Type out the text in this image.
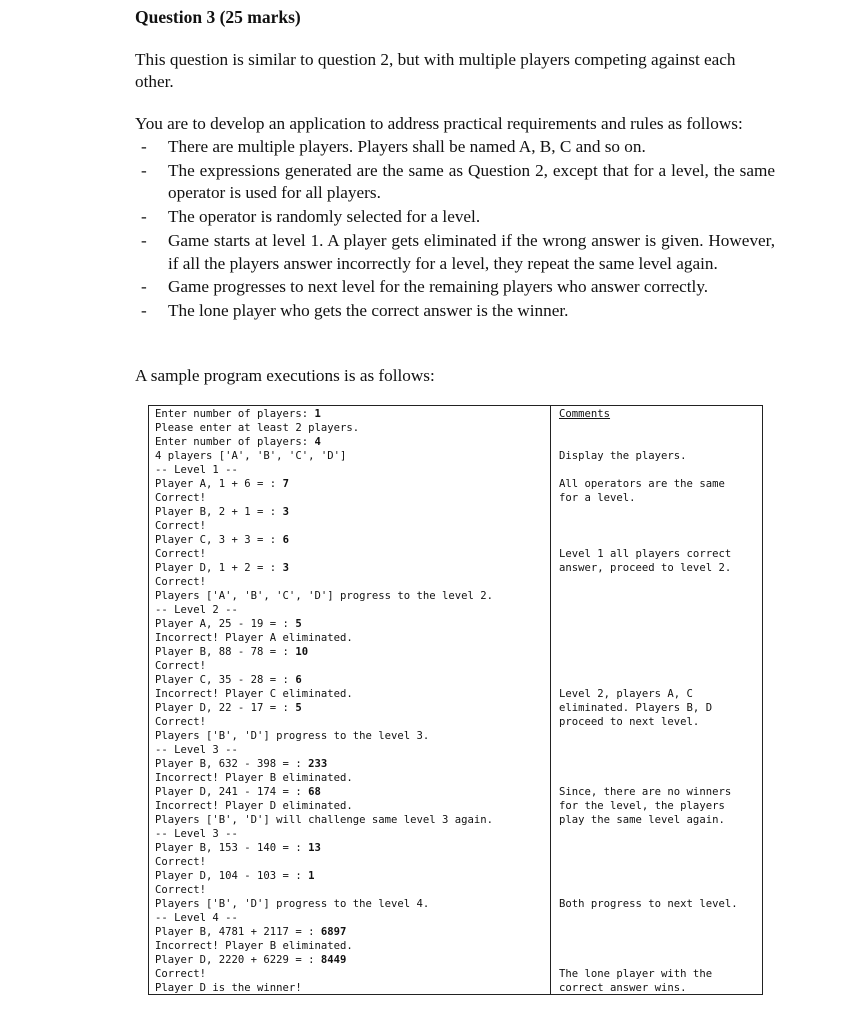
Question 3 (25 marks)
This question is similar to question 2, but with multiple players competing against each other.
You are to develop an application to address practical requirements and rules as follows:
- There are multiple players. Players shall be named A, B, C and so on.
- The expressions generated are the same as Question 2, except that for a level, the same operator is used for all players.
- The operator is randomly selected for a level.
- Game starts at level 1. A player gets eliminated if the wrong answer is given. However, if all the players answer incorrectly for a level, they repeat the same level again.
- Game progresses to next level for the remaining players who answer correctly.
- The lone player who gets the correct answer is the winner.
A sample program executions is as follows:
Enter number of players: 1
Please enter at least 2 players.
Enter number of players: 4
4 players ['A', 'B', 'C', 'D']
-- Level 1 --
Player A, 1 + 6 = : 7
Correct!
Player B, 2 + 1 = : 3
Correct!
Player C, 3 + 3 = : 6
Correct!
Player D, 1 + 2 = : 3
Correct!
Players ['A', 'B', 'C', 'D'] progress to the level 2.
-- Level 2 --
Player A, 25 - 19 = : 5
Incorrect! Player A eliminated.
Player B, 88 - 78 = : 10
Correct!
Player C, 35 - 28 = : 6
Incorrect! Player C eliminated.
Player D, 22 - 17 = : 5
Correct!
Players ['B', 'D'] progress to the level 3.
-- Level 3 --
Player B, 632 - 398 = : 233
Incorrect! Player B eliminated.
Player D, 241 - 174 = : 68
Incorrect! Player D eliminated.
Players ['B', 'D'] will challenge same level 3 again.
-- Level 3 --
Player B, 153 - 140 = : 13
Correct!
Player D, 104 - 103 = : 1
Correct!
Players ['B', 'D'] progress to the level 4.
-- Level 4 --
Player B, 4781 + 2117 = : 6897
Incorrect! Player B eliminated.
Player D, 2220 + 6229 = : 8449
Correct!
Player D is the winner!
Comments
Display the players.
All operators are the same
for a level.
Level 1 all players correct
answer, proceed to level 2.
Level 2, players A, C
eliminated. Players B, D
proceed to next level.
Since, there are no winners
for the level, the players
play the same level again.
Both progress to next level.
The lone player with the
correct answer wins.
